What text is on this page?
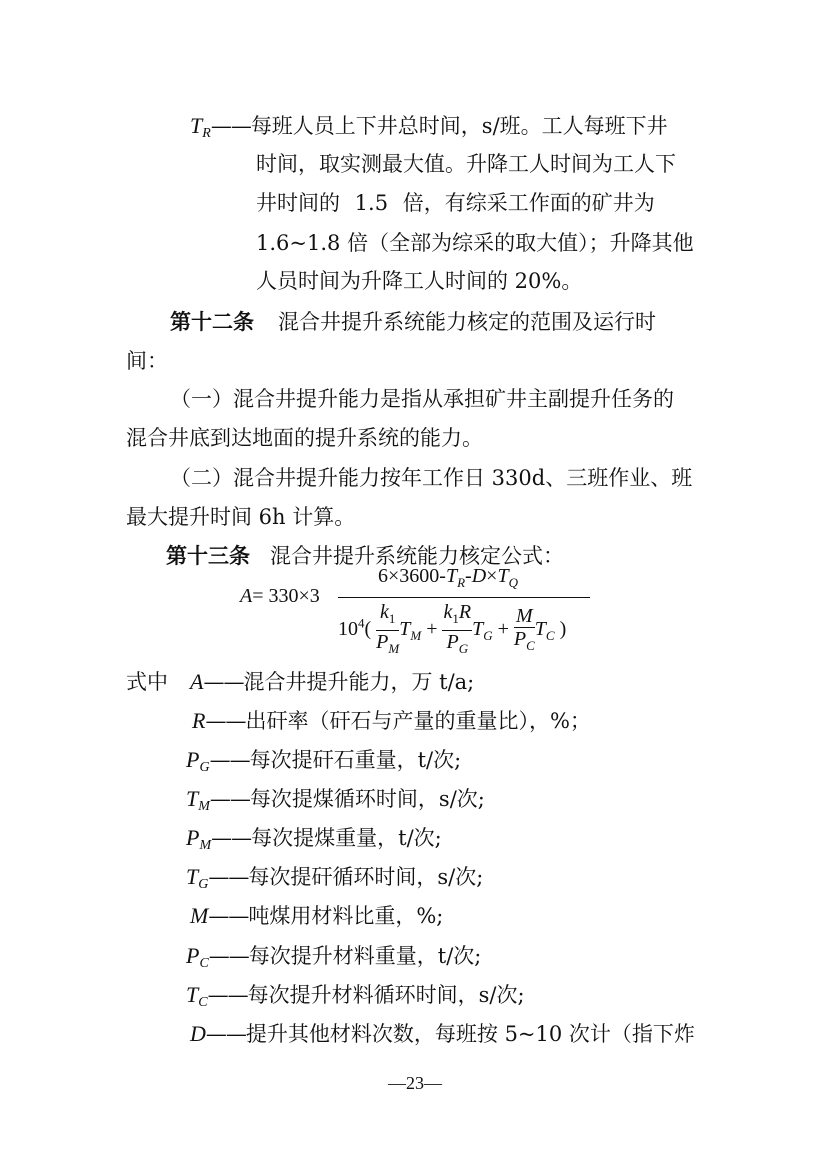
$T_R——$每班人员上下井总时间，s/班。工人每班下井
时间，取实测最大值。升降工人时间为工人下
井时间的 1.5 倍，有综采工作面的矿井为
1.6~1.8 倍（全部为综采的取大值）；升降其他
人员时间为升降工人时间的 20%。
第十二条 混合井提升系统能力核定的范围及运行时
间：
（一）混合井提升能力是指从承担矿井主副提升任务的
混合井底到达地面的提升系统的能力。
（二）混合井提升能力按年工作日 330d、三班作业、班
最大提升时间 6h 计算。
第十三条 混合井提升系统能力核定公式：
A= 330×3
$6\times 3600-T_R-D\times T_Q$
$10^4( \frac{k_1}{P_M} T_M + \frac{k_1R}{P_G} T_G + \frac{M}{P_C} T_C$ )
式中 A——混合井提升能力，万 t/a;
R——出矸率（矸石与产量的重量比），%；
$P_G——$每次提矸石重量，t/次;
$T_M——$每次提煤循环时间，s/次;
$P_M——$每次提煤重量，t/次;
$T_G——$每次提矸循环时间，s/次;
M——吨煤用材料比重，%;
$P_C——$每次提升材料重量，t/次;
$T_C——$每次提升材料循环时间，s/次;
D——提升其他材料次数，每班按 5~10 次计（指下炸
—23—
